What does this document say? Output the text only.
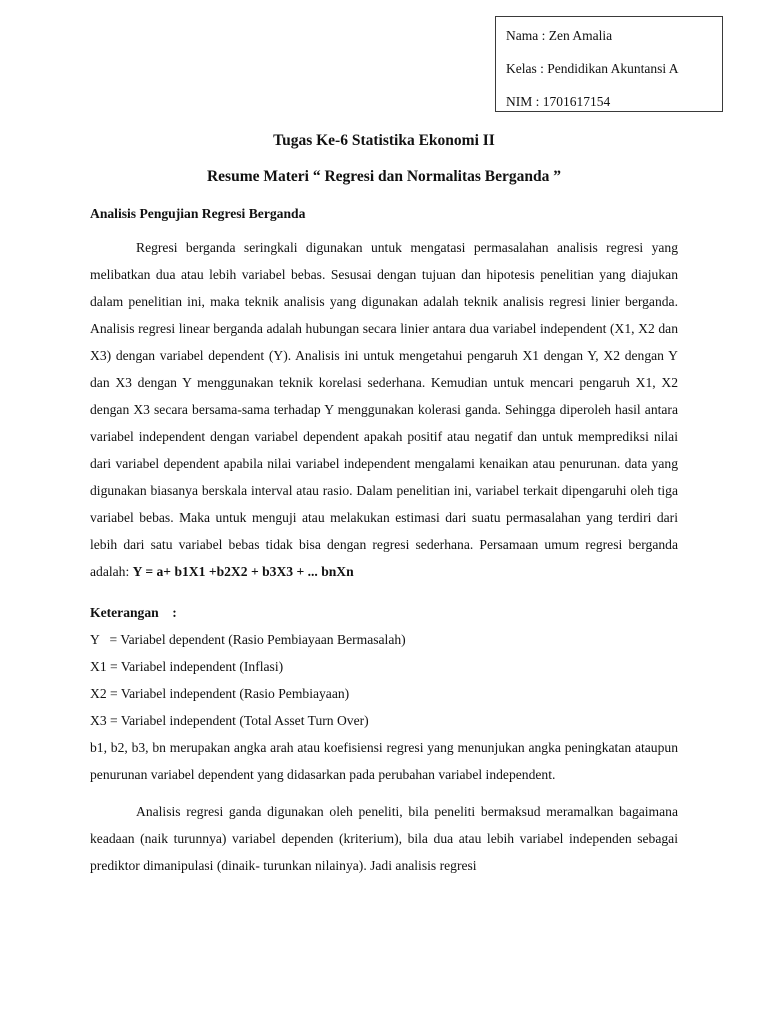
Nama : Zen Amalia
Kelas : Pendidikan Akuntansi A
NIM : 1701617154
Tugas Ke-6 Statistika Ekonomi II
Resume Materi “ Regresi dan Normalitas Berganda ”
Analisis Pengujian Regresi Berganda

Regresi berganda seringkali digunakan untuk mengatasi permasalahan analisis regresi yang melibatkan dua atau lebih variabel bebas. Sesusai dengan tujuan dan hipotesis penelitian yang diajukan dalam penelitian ini, maka teknik analisis yang digunakan adalah teknik analisis regresi linier berganda. Analisis regresi linear berganda adalah hubungan secara linier antara dua variabel independent (X1, X2 dan X3) dengan variabel dependent (Y). Analisis ini untuk mengetahui pengaruh X1 dengan Y, X2 dengan Y dan X3 dengan Y menggunakan teknik korelasi sederhana. Kemudian untuk mencari pengaruh X1, X2 dengan X3 secara bersama-sama terhadap Y menggunakan kolerasi ganda. Sehingga diperoleh hasil antara variabel independent dengan variabel dependent apakah positif atau negatif dan untuk memprediksi nilai dari variabel dependent apabila nilai variabel independent mengalami kenaikan atau penurunan. data yang digunakan biasanya berskala interval atau rasio. Dalam penelitian ini, variabel terkait dipengaruhi oleh tiga variabel bebas. Maka untuk menguji atau melakukan estimasi dari suatu permasalahan yang terdiri dari lebih dari satu variabel bebas tidak bisa dengan regresi sederhana. Persamaan umum regresi berganda adalah: Y = a+ b1X1 +b2X2 + b3X3 + ... bnXn

Keterangan    :
Y   = Variabel dependent (Rasio Pembiayaan Bermasalah)
X1 = Variabel independent (Inflasi)
X2 = Variabel independent (Rasio Pembiayaan)
X3 = Variabel independent (Total Asset Turn Over)

b1, b2, b3, bn merupakan angka arah atau koefisiensi regresi yang menunjukan angka peningkatan ataupun penurunan variabel dependent yang didasarkan pada perubahan variabel independent.

Analisis regresi ganda digunakan oleh peneliti, bila peneliti bermaksud meramalkan bagaimana keadaan (naik turunnya) variabel dependen (kriterium), bila dua atau lebih variabel independen sebagai prediktor dimanipulasi (dinaik- turunkan nilainya). Jadi analisis regresi
